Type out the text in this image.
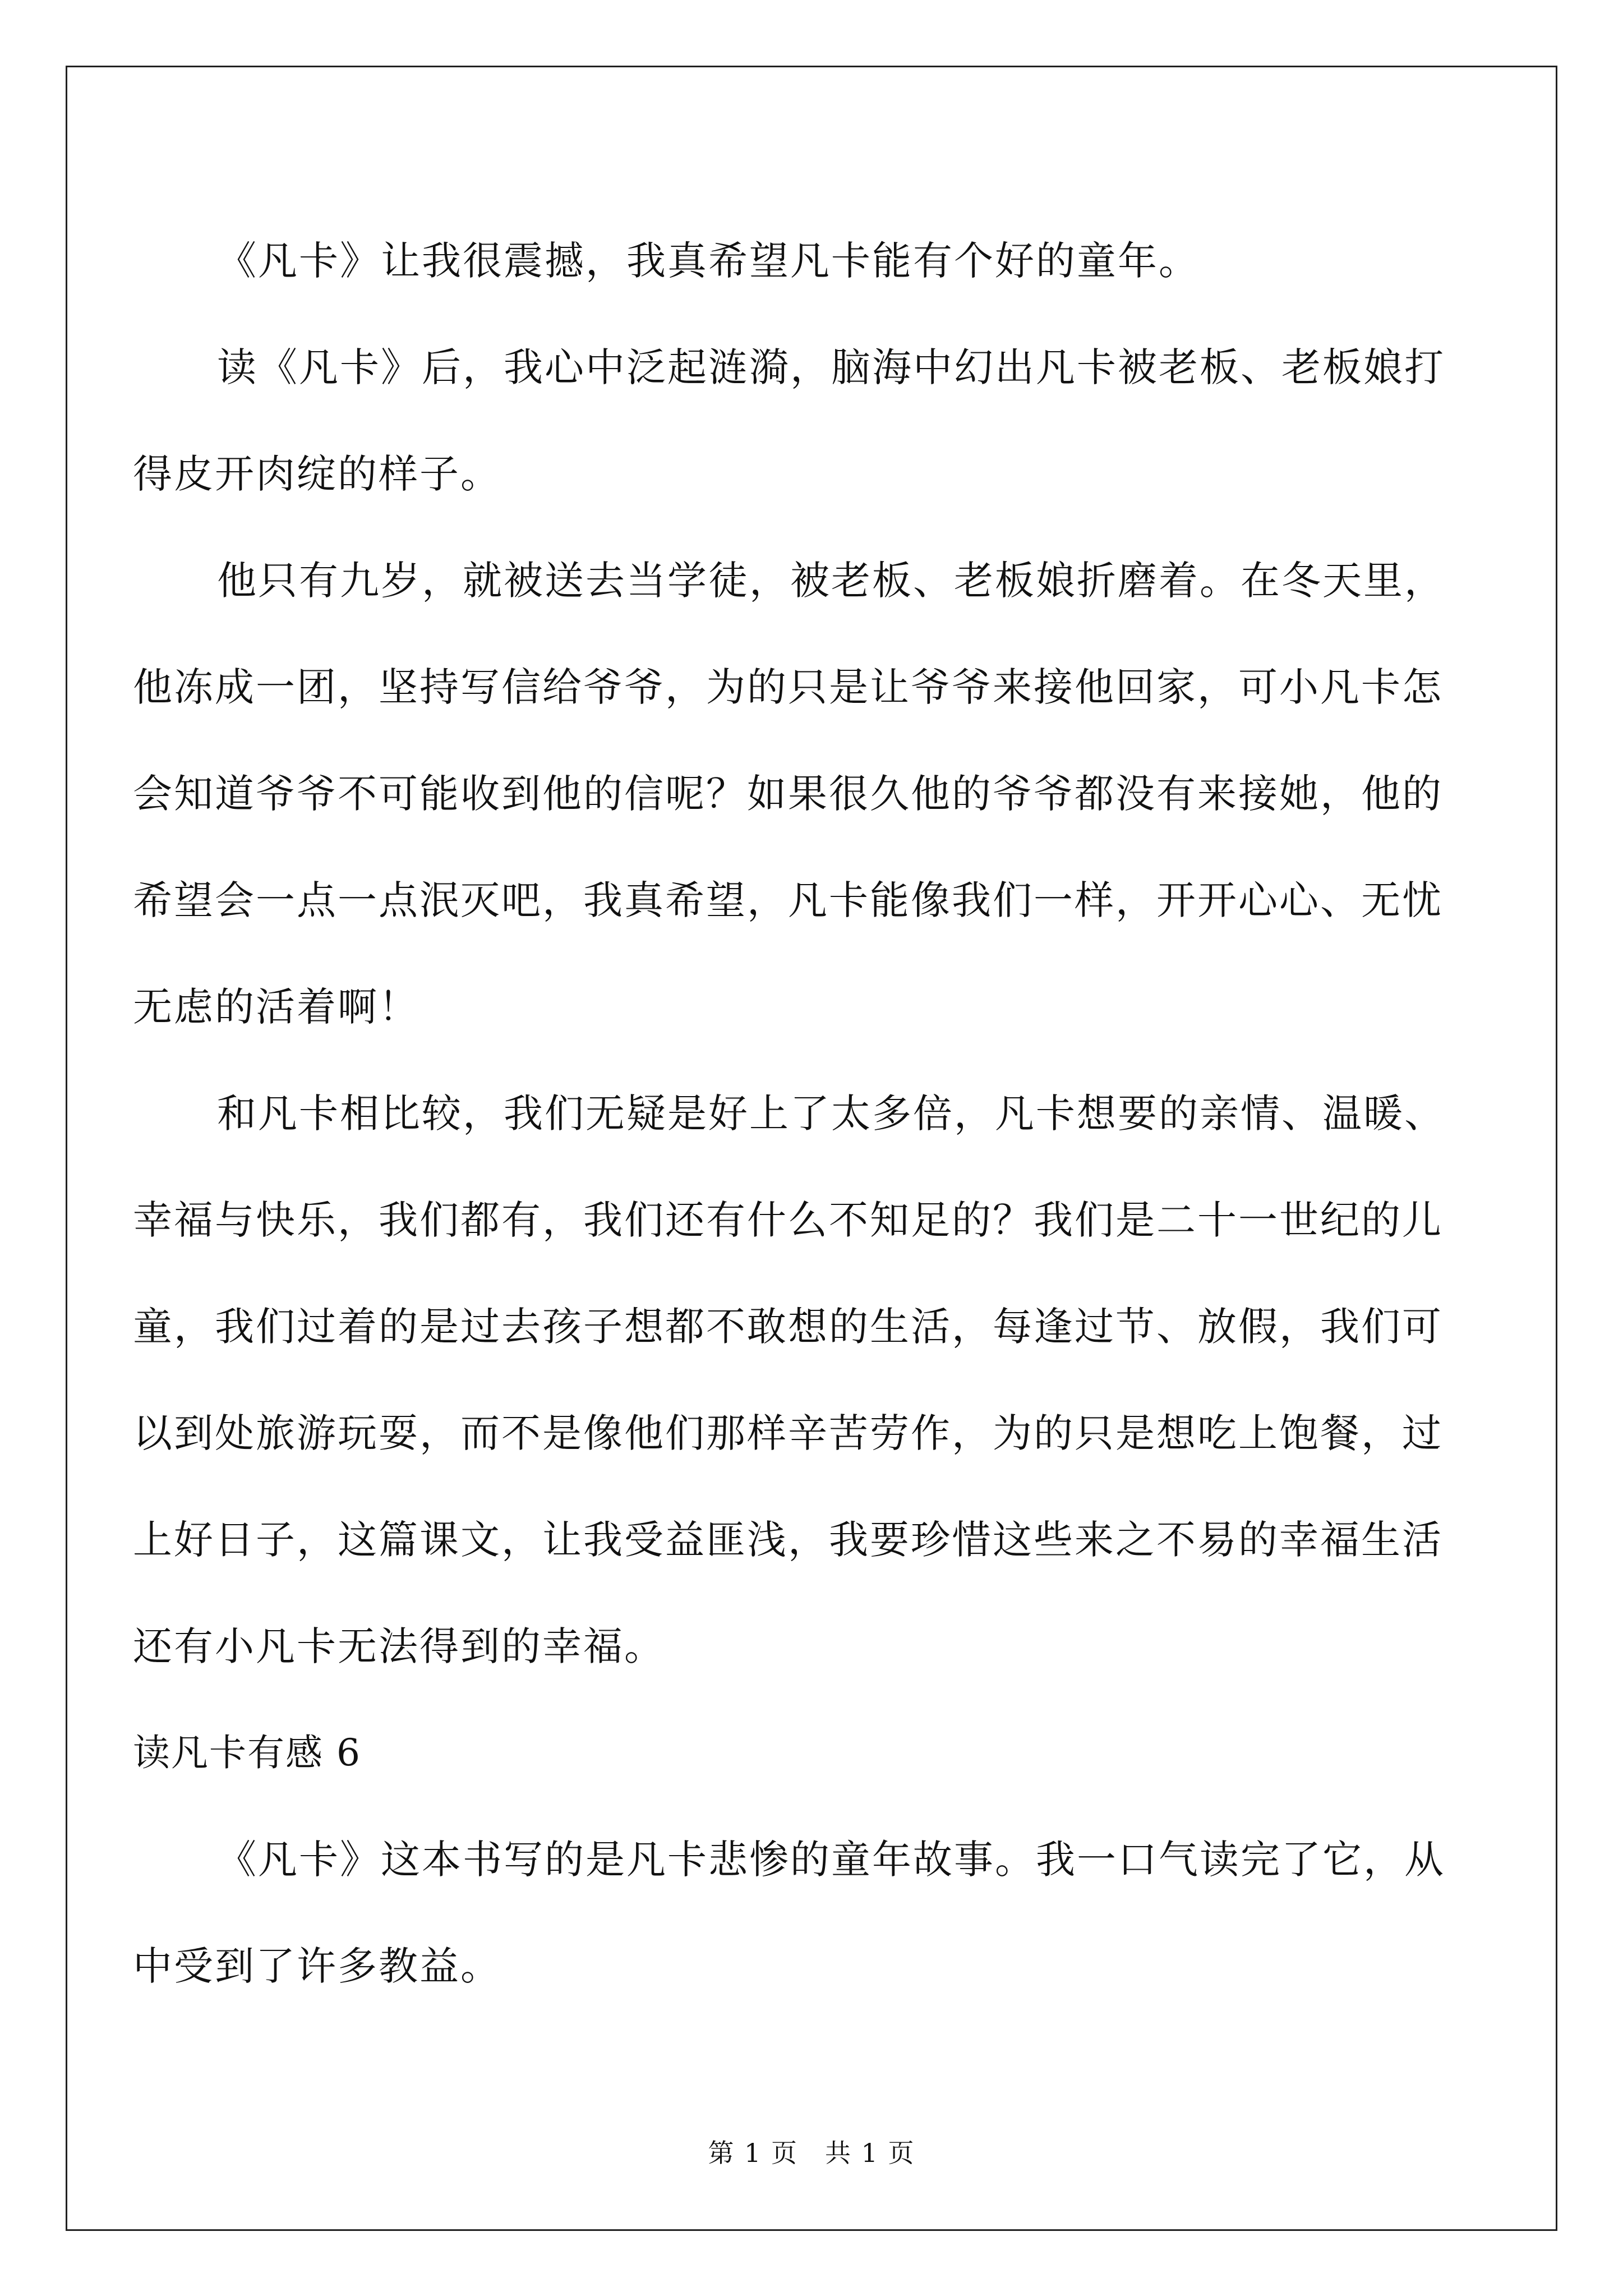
《凡卡》让我很震撼，我真希望凡卡能有个好的童年。

读《凡卡》后，我心中泛起涟漪，脑海中幻出凡卡被老板、老板娘打得皮开肉绽的样子。

他只有九岁，就被送去当学徒，被老板、老板娘折磨着。在冬天里，他冻成一团，坚持写信给爷爷，为的只是让爷爷来接他回家，可小凡卡怎会知道爷爷不可能收到他的信呢？如果很久他的爷爷都没有来接她，他的希望会一点一点泯灭吧，我真希望，凡卡能像我们一样，开开心心、无忧无虑的活着啊！

和凡卡相比较，我们无疑是好上了太多倍，凡卡想要的亲情、温暖、幸福与快乐，我们都有，我们还有什么不知足的？我们是二十一世纪的儿童，我们过着的是过去孩子想都不敢想的生活，每逢过节、放假，我们可以到处旅游玩耍，而不是像他们那样辛苦劳作，为的只是想吃上饱餐，过上好日子，这篇课文，让我受益匪浅，我要珍惜这些来之不易的幸福生活还有小凡卡无法得到的幸福。

读凡卡有感 6

《凡卡》这本书写的是凡卡悲惨的童年故事。我一口气读完了它，从中受到了许多教益。

第 1 页　共 1 页
